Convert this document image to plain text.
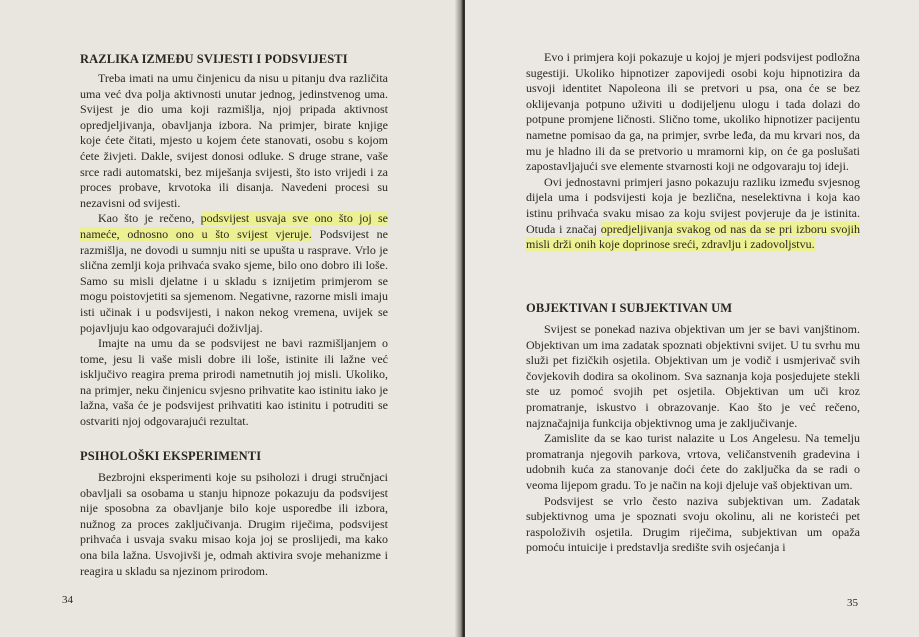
RAZLIKA IZMEĐU SVIJESTI I PODSVIJESTI

Treba imati na umu činjenicu da nisu u pitanju dva različita uma već dva polja aktivnosti unutar jednog, jedinstvenog uma. Svijest je dio uma koji razmišlja, njoj pripada aktivnost opredjeljivanja, obavljanja izbora. Na primjer, birate knjige koje ćete čitati, mjesto u kojem ćete stanovati, osobu s kojom ćete živjeti. Dakle, svijest donosi odluke. S druge strane, vaše srce radi automatski, bez miješanja svijesti, što isto vrijedi i za proces probave, krvotoka ili disanja. Navedeni procesi su nezavisni od svijesti.

Kao što je rečeno, podsvijest usvaja sve ono što joj se nameće, odnosno ono u što svijest vjeruje. Podsvijest ne razmišlja, ne dovodi u sumnju niti se upušta u rasprave. Vrlo je slična zemlji koja prihvaća svako sjeme, bilo ono dobro ili loše. Samo su misli djelatne i u skladu s iznijetim primjerom se mogu poistovjetiti sa sjemenom. Negativne, razorne misli imaju isti učinak i u podsvijesti, i nakon nekog vremena, uvijek se pojavljuju kao odgovarajući doživljaj.

Imajte na umu da se podsvijest ne bavi razmišljanjem o tome, jesu li vaše misli dobre ili loše, istinite ili lažne već isključivo reagira prema prirodi nametnutih joj misli. Ukoliko, na primjer, neku činjenicu svjesno prihvatite kao istinitu iako je lažna, vaša će je podsvijest prihvatiti kao istinitu i potruditi se ostvariti njoj odgovarajući rezultat.

PSIHOLOŠKI EKSPERIMENTI

Bezbrojni eksperimenti koje su psiholozi i drugi stručnjaci obavljali sa osobama u stanju hipnoze pokazuju da podsvijest nije sposobna za obavljanje bilo koje usporedbe ili izbora, nužnog za proces zaključivanja. Drugim riječima, podsvijest prihvaća i usvaja svaku misao koja joj se proslijedi, ma kako ona bila lažna. Usvojivši je, odmah aktivira svoje mehanizme i reagira u skladu sa njezinom prirodom.

34

Evo i primjera koji pokazuje u kojoj je mjeri podsvijest podložna sugestiji. Ukoliko hipnotizer zapovijedi osobi koju hipnotizira da usvoji identitet Napoleona ili se pretvori u psa, ona će se bez oklijevanja potpuno uživiti u dodijeljenu ulogu i tada dolazi do potpune promjene ličnosti. Slično tome, ukoliko hipnotizer pacijentu nametne pomisao da ga, na primjer, svrbe leđa, da mu krvari nos, da mu je hladno ili da se pretvorio u mramorni kip, on će ga poslušati zapostavljajući sve elemente stvarnosti koji ne odgovaraju toj ideji.

Ovi jednostavni primjeri jasno pokazuju razliku između svjesnog dijela uma i podsvijesti koja je bezlična, neselektivna i koja kao istinu prihvaća svaku misao za koju svijest povjeruje da je istinita. Otuda i značaj opredjeljivanja svakog od nas da se pri izboru svojih misli drži onih koje doprinose sreći, zdravlju i zadovoljstvu.

OBJEKTIVAN I SUBJEKTIVAN UM

Svijest se ponekad naziva objektivan um jer se bavi vanjštinom. Objektivan um ima zadatak spoznati objektivni svijet. U tu svrhu mu služi pet fizičkih osjetila. Objektivan um je vodič i usmjerivač svih čovjekovih dodira sa okolinom. Sva saznanja koja posjedujete stekli ste uz pomoć svojih pet osjetila. Objektivan um uči kroz promatranje, iskustvo i obrazovanje. Kao što je već rečeno, najznačajnija funkcija objektivnog uma je zaključivanje.

Zamislite da se kao turist nalazite u Los Angelesu. Na temelju promatranja njegovih parkova, vrtova, veličanstvenih gradevina i udobnih kuća za stanovanje doći ćete do zaključka da se radi o veoma lijepom gradu. To je način na koji djeluje vaš objektivan um.

Podsvijest se vrlo često naziva subjektivan um. Zadatak subjektivnog uma je spoznati svoju okolinu, ali ne koristeći pet raspoloživih osjetila. Drugim riječima, subjektivan um opaža pomoću intuicije i predstavlja središte svih osjećanja i

35
